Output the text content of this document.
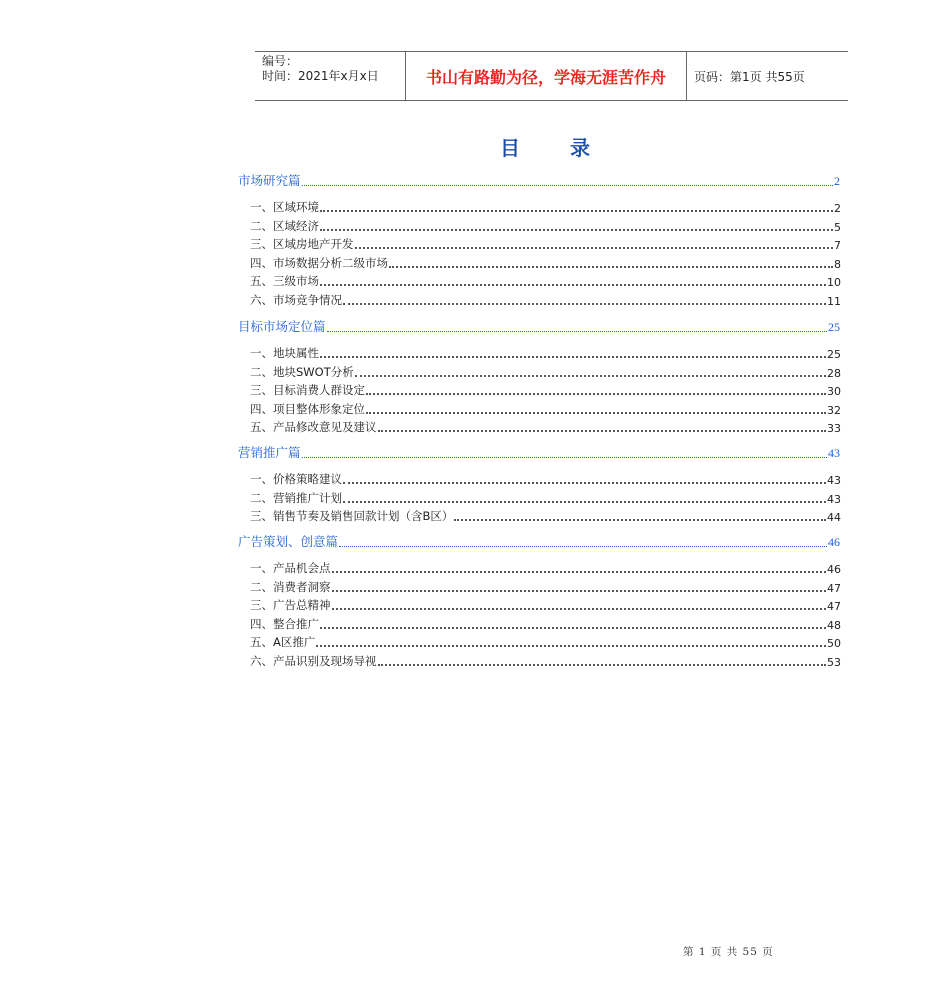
编号：
时间：2021年x月x日	书山有路勤为径，学海无涯苦作舟	页码：第1页 共55页
目录
市场研究篇	2
一、区域环境	2
二、区域经济	5
三、区域房地产开发	7
四、市场数据分析二级市场	8
五、三级市场	10
六、市场竞争情况	11
目标市场定位篇	25
一、地块属性	25
二、地块SWOT分析	28
三、目标消费人群设定	30
四、项目整体形象定位	32
五、产品修改意见及建议	33
营销推广篇	43
一、价格策略建议	43
二、营销推广计划	43
三、销售节奏及销售回款计划（含B区）	44
广告策划、创意篇	46
一、产品机会点	46
二、消费者洞察	47
三、广告总精神	47
四、整合推广	48
五、A区推广	50
六、产品识别及现场导视	53
第 1 页 共 55 页
